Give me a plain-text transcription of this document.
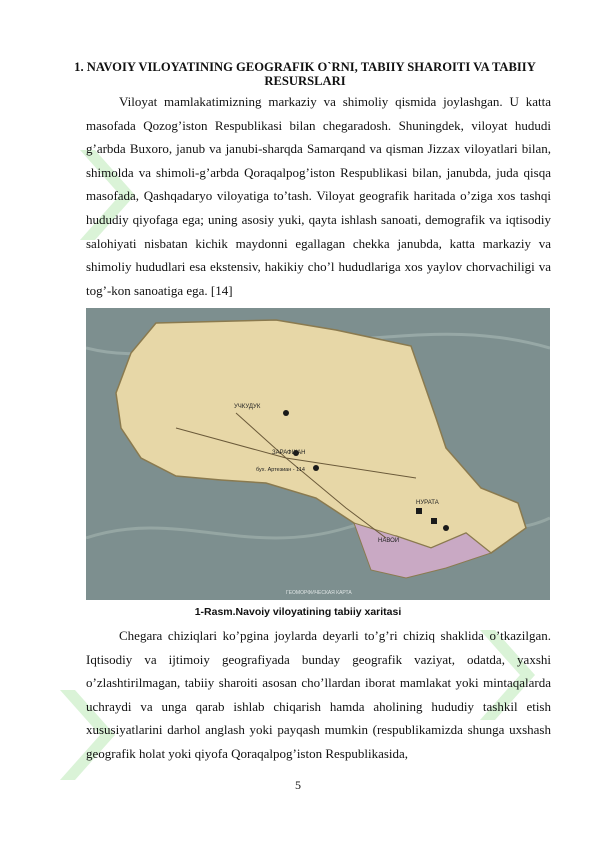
1. NAVOIY VILOYATINING GEOGRAFIK O`RNI, TABIIY SHAROITI VA TABIIY RESURSLARI

Viloyat mamlakatimizning markaziy va shimoliy qismida joylashgan. U katta masofada Qozog’iston Respublikasi bilan chegaradosh. Shuningdek, viloyat hududi g’arbda Buxoro, janub va janubi-sharqda Samarqand va qisman Jizzax viloyatlari bilan, shimolda va shimoli-g’arbda Qoraqalpog’iston Respublikasi bilan, janubda, juda qisqa masofada, Qashqadaryo viloyatiga to’tash. Viloyat geografik haritada o’ziga xos tashqi hududiy qiyofaga ega; uning asosiy yuki, qayta ishlash sanoati, demografik va iqtisodiy salohiyati nisbatan kichik maydonni egallagan chekka janubda, katta markaziy va shimoliy hududlari esa ekstensiv, hakikiy cho’l hududlariga xos yaylov chorvachiligi va tog’-kon sanoatiga ega. [14]

УЧКУДУК
ЗАРАФШАН
бух. Артезиан - 114
НУРАТА
НАВОИ
ГЕОМОРФИЧЕСКАЯ КАРТА
1-Rasm.Navoiy viloyatining tabiiy xaritasi

Chegara chiziqlari ko’pgina joylarda deyarli to’g’ri chiziq shaklida o’tkazilgan. Iqtisodiy va ijtimoiy geografiyada bunday geografik vaziyat, odatda, yaxshi o’zlashtirilmagan, tabiiy sharoiti asosan cho’llardan iborat mamlakat yoki mintaqalarda uchraydi va unga qarab ishlab chiqarish hamda aholining hududiy tashkil etish xususiyatlarini darhol anglash yoki payqash mumkin (respublikamizda shunga uxshash geografik holat yoki qiyofa Qoraqalpog’iston Respublikasida,

5
